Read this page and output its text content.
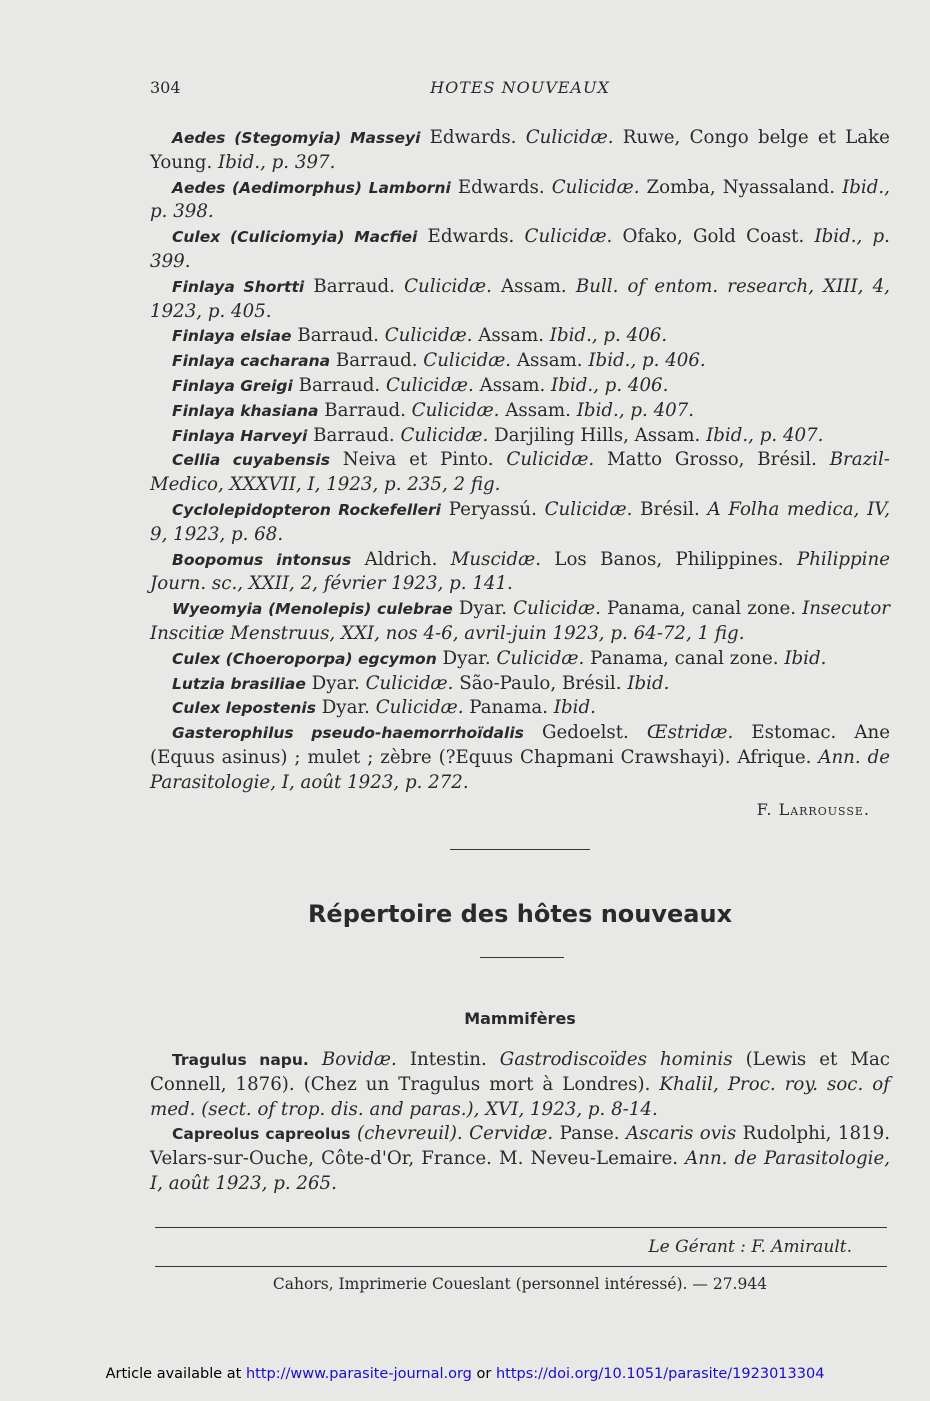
304	HOTES NOUVEAUX

Aedes (Stegomyia) Masseyi Edwards. Culicidæ. Ruwe, Congo belge et Lake Young. Ibid., p. 397.

Aedes (Aedimorphus) Lamborni Edwards. Culicidæ. Zomba, Nyassaland. Ibid., p. 398.

Culex (Culiciomyia) Macfiei Edwards. Culicidæ. Ofako, Gold Coast. Ibid., p. 399.

Finlaya Shortti Barraud. Culicidæ. Assam. Bull. of entom. research, XIII, 4, 1923, p. 405.

Finlaya elsiae Barraud. Culicidæ. Assam. Ibid., p. 406.

Finlaya cacharana Barraud. Culicidæ. Assam. Ibid., p. 406.

Finlaya Greigi Barraud. Culicidæ. Assam. Ibid., p. 406.

Finlaya khasiana Barraud. Culicidæ. Assam. Ibid., p. 407.

Finlaya Harveyi Barraud. Culicidæ. Darjiling Hills, Assam. Ibid., p. 407.

Cellia cuyabensis Neiva et Pinto. Culicidæ. Matto Grosso, Brésil. Brazil-Medico, XXXVII, I, 1923, p. 235, 2 fig.

Cyclolepidopteron Rockefelleri Peryassú. Culicidæ. Brésil. A Folha medica, IV, 9, 1923, p. 68.

Boopomus intonsus Aldrich. Muscidæ. Los Banos, Philippines. Philippine Journ. sc., XXII, 2, février 1923, p. 141.

Wyeomyia (Menolepis) culebrae Dyar. Culicidæ. Panama, canal zone. Insecutor Inscitiæ Menstruus, XXI, nos 4-6, avril-juin 1923, p. 64-72, 1 fig.

Culex (Choeroporpa) egcymon Dyar. Culicidæ. Panama, canal zone. Ibid.

Lutzia brasiliae Dyar. Culicidæ. São-Paulo, Brésil. Ibid.

Culex lepostenis Dyar. Culicidæ. Panama. Ibid.

Gasterophilus pseudo-haemorrhoïdalis Gedoelst. Œstridæ. Estomac. Ane (Equus asinus) ; mulet ; zèbre (?Equus Chapmani Crawshayi). Afrique. Ann. de Parasitologie, I, août 1923, p. 272.

F. Larrousse.
Répertoire des hôtes nouveaux
Mammifères

Tragulus napu. Bovidæ. Intestin. Gastrodiscoïdes hominis (Lewis et Mac Connell, 1876). (Chez un Tragulus mort à Londres). Khalil, Proc. roy. soc. of med. (sect. of trop. dis. and paras.), XVI, 1923, p. 8-14.

Capreolus capreolus (chevreuil). Cervidæ. Panse. Ascaris ovis Rudolphi, 1819. Velars-sur-Ouche, Côte-d'Or, France. M. Neveu-Lemaire. Ann. de Parasitologie, I, août 1923, p. 265.

Le Gérant : F. Amirault.
Cahors, Imprimerie Coueslant (personnel intéressé). — 27.944
Article available at http://www.parasite-journal.org or https://doi.org/10.1051/parasite/1923013304
